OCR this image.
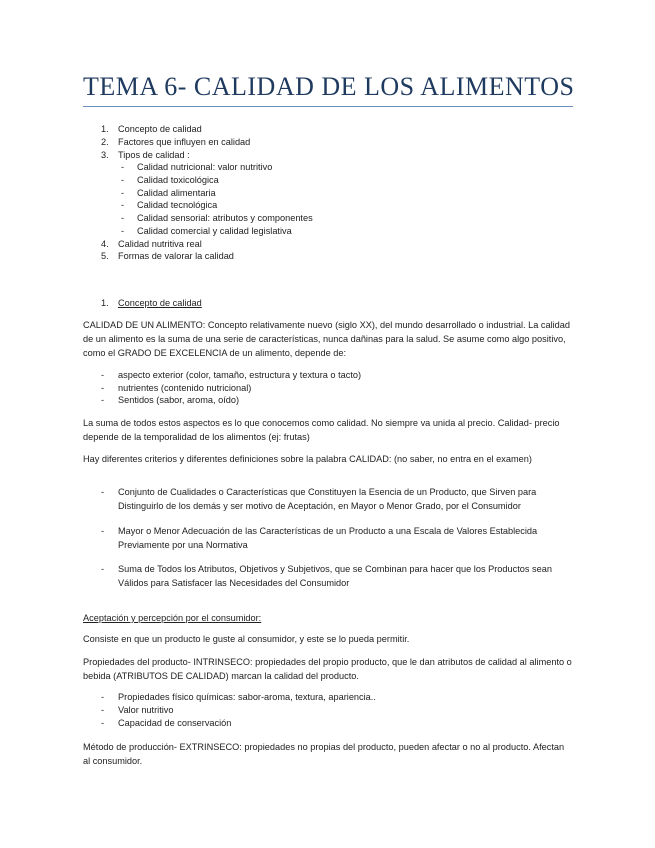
TEMA 6- CALIDAD DE LOS ALIMENTOS
1. Concepto de calidad
2. Factores que influyen en calidad
3. Tipos de calidad :
- Calidad nutricional: valor nutritivo
- Calidad toxicológica
- Calidad alimentaria
- Calidad tecnológica
- Calidad sensorial: atributos y componentes
- Calidad comercial y calidad legislativa
4. Calidad nutritiva real
5. Formas de valorar la calidad
1. Concepto de calidad

CALIDAD DE UN ALIMENTO: Concepto relativamente nuevo (siglo XX), del mundo desarrollado o industrial. La calidad de un alimento es la suma de una serie de características, nunca dañinas para la salud. Se asume como algo positivo, como el GRADO DE EXCELENCIA de un alimento, depende de:

- aspecto exterior (color, tamaño, estructura y textura o tacto)
- nutrientes (contenido nutricional)
- Sentidos (sabor, aroma, oído)

La suma de todos estos aspectos es lo que conocemos como calidad. No siempre va unida al precio. Calidad- precio depende de la temporalidad de los alimentos (ej: frutas)

Hay diferentes criterios y diferentes definiciones sobre la palabra CALIDAD: (no saber, no entra en el examen)

- Conjunto de Cualidades o Características que Constituyen la Esencia de un Producto, que Sirven para Distinguirlo de los demás y ser motivo de Aceptación, en Mayor o Menor Grado, por el Consumidor

- Mayor o Menor Adecuación de las Características de un Producto a una Escala de Valores Establecida Previamente por una Normativa

- Suma de Todos los Atributos, Objetivos y Subjetivos, que se Combinan para hacer que los Productos sean Válidos para Satisfacer las Necesidades del Consumidor

Aceptación y percepción por el consumidor:

Consiste en que un producto le guste al consumidor, y este se lo pueda permitir.

Propiedades del producto- INTRINSECO: propiedades del propio producto, que le dan atributos de calidad al alimento o bebida (ATRIBUTOS DE CALIDAD) marcan la calidad del producto.

- Propiedades físico químicas: sabor-aroma, textura, apariencia..
- Valor nutritivo
- Capacidad de conservación

Método de producción- EXTRINSECO: propiedades no propias del producto, pueden afectar o no al producto. Afectan al consumidor.
